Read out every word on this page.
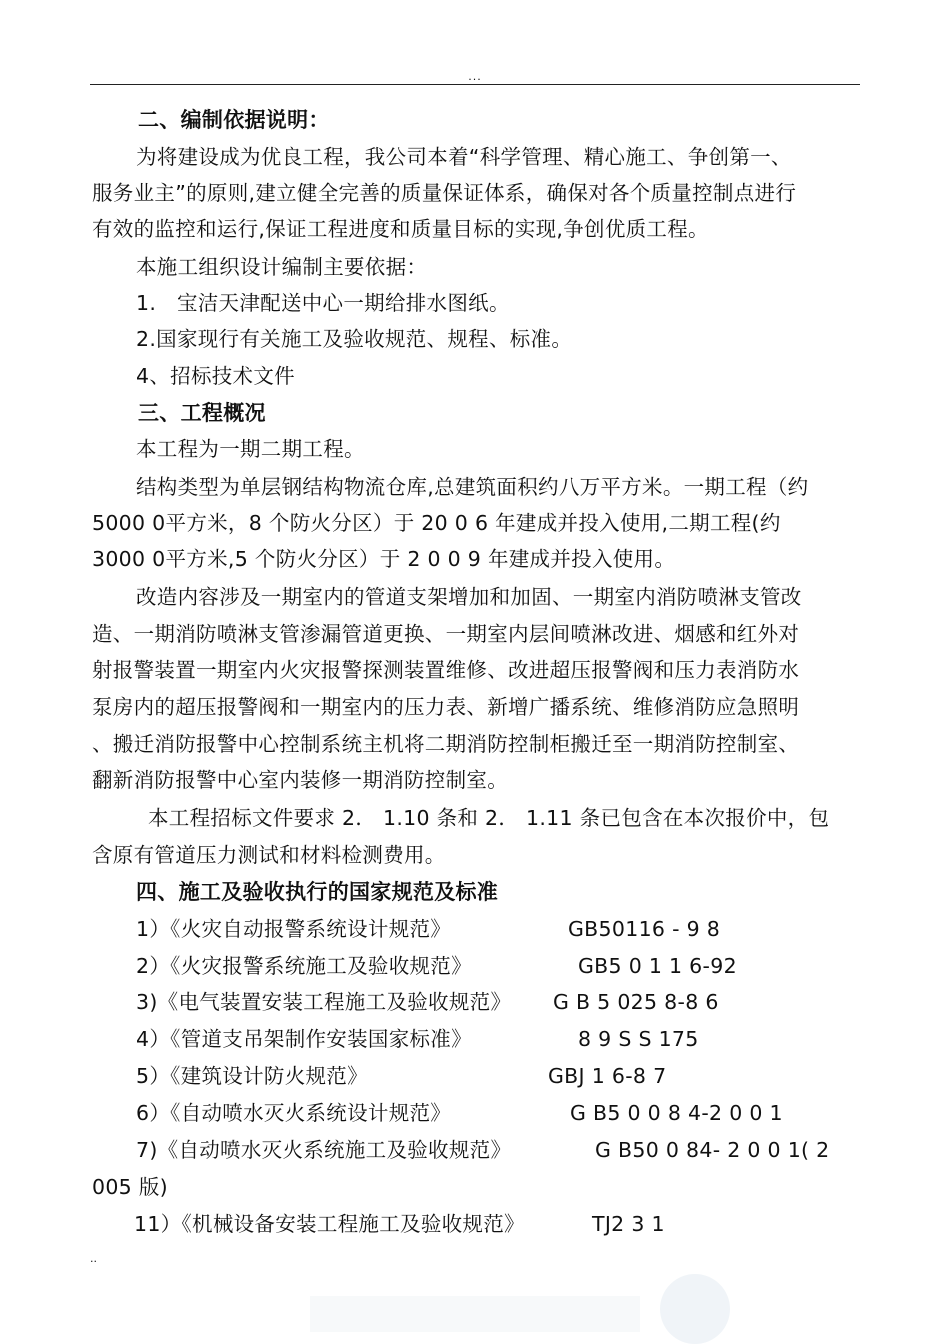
...
二、编制依据说明：
为将建设成为优良工程，我公司本着“科学管理、精心施工、争创第一、
服务业主”的原则,建立健全完善的质量保证体系，确保对各个质量控制点进行
有效的监控和运行,保证工程进度和质量目标的实现,争创优质工程。
本施工组织设计编制主要依据：
1.　宝洁天津配送中心一期给排水图纸。
2.国家现行有关施工及验收规范、规程、标准。
4、招标技术文件
三、工程概况
本工程为一期二期工程。
结构类型为单层钢结构物流仓库,总建筑面积约八万平方米。一期工程（约
5000 0平方米，8 个防火分区）于 20 0 6 年建成并投入使用,二期工程(约
3000 0平方米,5 个防火分区）于 2 0 0 9 年建成并投入使用。
改造内容涉及一期室内的管道支架增加和加固、一期室内消防喷淋支管改
造、一期消防喷淋支管渗漏管道更换、一期室内层间喷淋改进、烟感和红外对
射报警装置一期室内火灾报警探测装置维修、改进超压报警阀和压力表消防水
泵房内的超压报警阀和一期室内的压力表、新增广播系统、维修消防应急照明
、搬迁消防报警中心控制系统主机将二期消防控制柜搬迁至一期消防控制室、
翻新消防报警中心室内装修一期消防控制室。
本工程招标文件要求 2． 1.10 条和 2． 1.11 条已包含在本次报价中，包
含原有管道压力测试和材料检测费用。
四、施工及验收执行的国家规范及标准
1）《火灾自动报警系统设计规范》	GB50116 - 9 8
2）《火灾报警系统施工及验收规范》	GB5 0 1 1 6-92
3)《电气装置安装工程施工及验收规范》 G B 5 025 8-8 6
4）《管道支吊架制作安装国家标准》	8 9 S S 175
5）《建筑设计防火规范》	GBJ 1 6-8 7
6）《自动喷水灭火系统设计规范》	G B5 0 0 8 4-2 0 0 1
7)《自动喷水灭火系统施工及验收规范》	G B50 0 84- 2 0 0 1( 2
005 版)
11）《机械设备安装工程施工及验收规范》	TJ2 3 1
..
